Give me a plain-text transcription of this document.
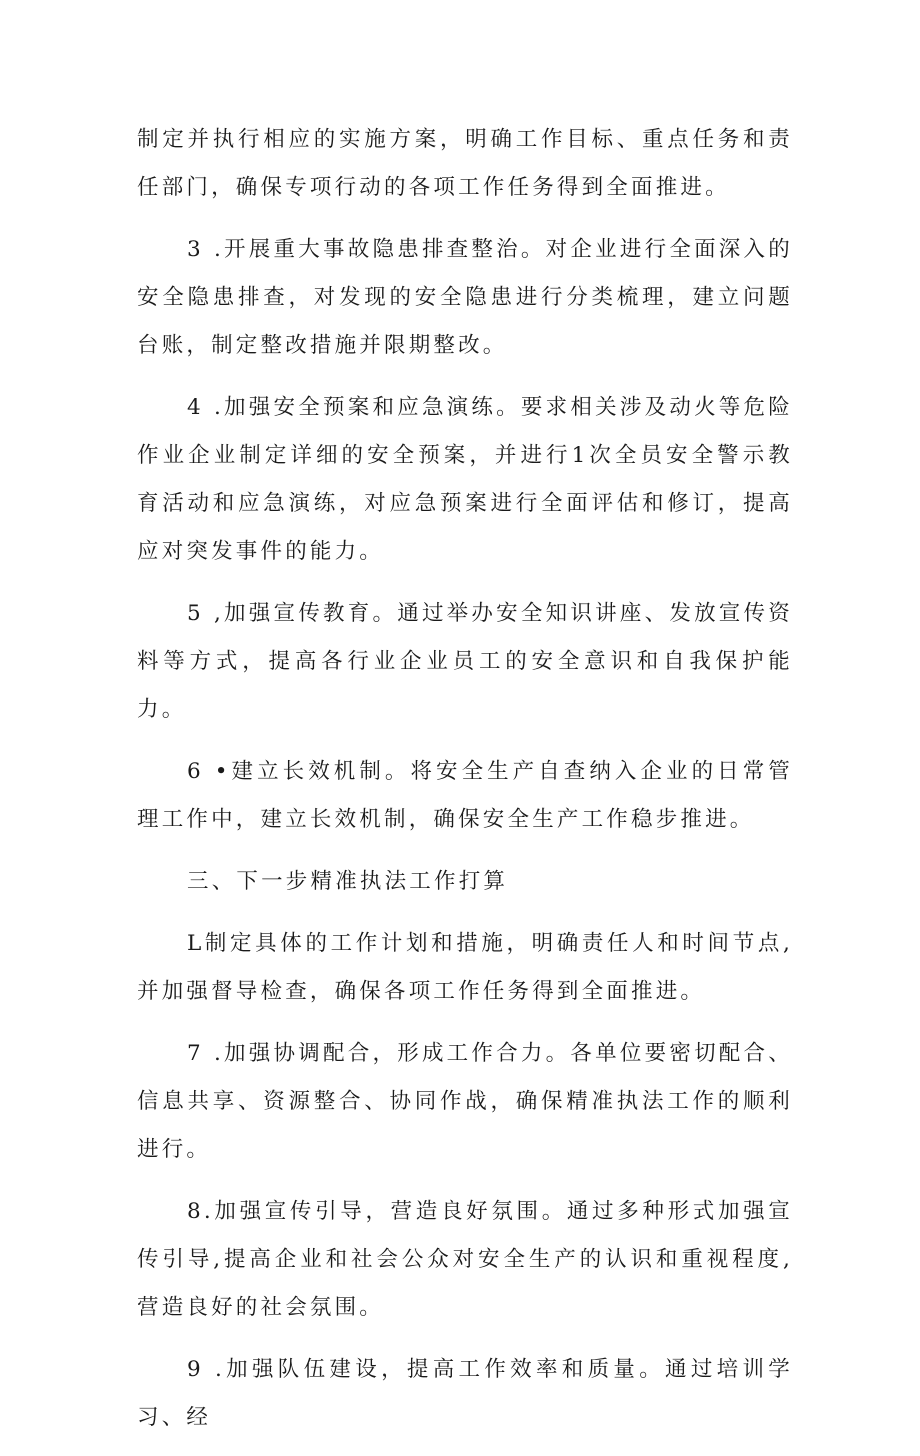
制定并执行相应的实施方案，明确工作目标、重点任务和责任部门，确保专项行动的各项工作任务得到全面推进。

3 .开展重大事故隐患排查整治。对企业进行全面深入的安全隐患排查，对发现的安全隐患进行分类梳理，建立问题台账，制定整改措施并限期整改。

4 .加强安全预案和应急演练。要求相关涉及动火等危险作业企业制定详细的安全预案，并进行1次全员安全警示教育活动和应急演练，对应急预案进行全面评估和修订，提高应对突发事件的能力。

5 ,加强宣传教育。通过举办安全知识讲座、发放宣传资料等方式，提高各行业企业员工的安全意识和自我保护能力。

6 •建立长效机制。将安全生产自查纳入企业的日常管理工作中，建立长效机制，确保安全生产工作稳步推进。

三、下一步精准执法工作打算

L制定具体的工作计划和措施，明确责任人和时间节点,并加强督导检查，确保各项工作任务得到全面推进。

7 .加强协调配合，形成工作合力。各单位要密切配合、信息共享、资源整合、协同作战，确保精准执法工作的顺利进行。

8.加强宣传引导，营造良好氛围。通过多种形式加强宣传引导,提高企业和社会公众对安全生产的认识和重视程度,营造良好的社会氛围。

9 .加强队伍建设，提高工作效率和质量。通过培训学习、经
